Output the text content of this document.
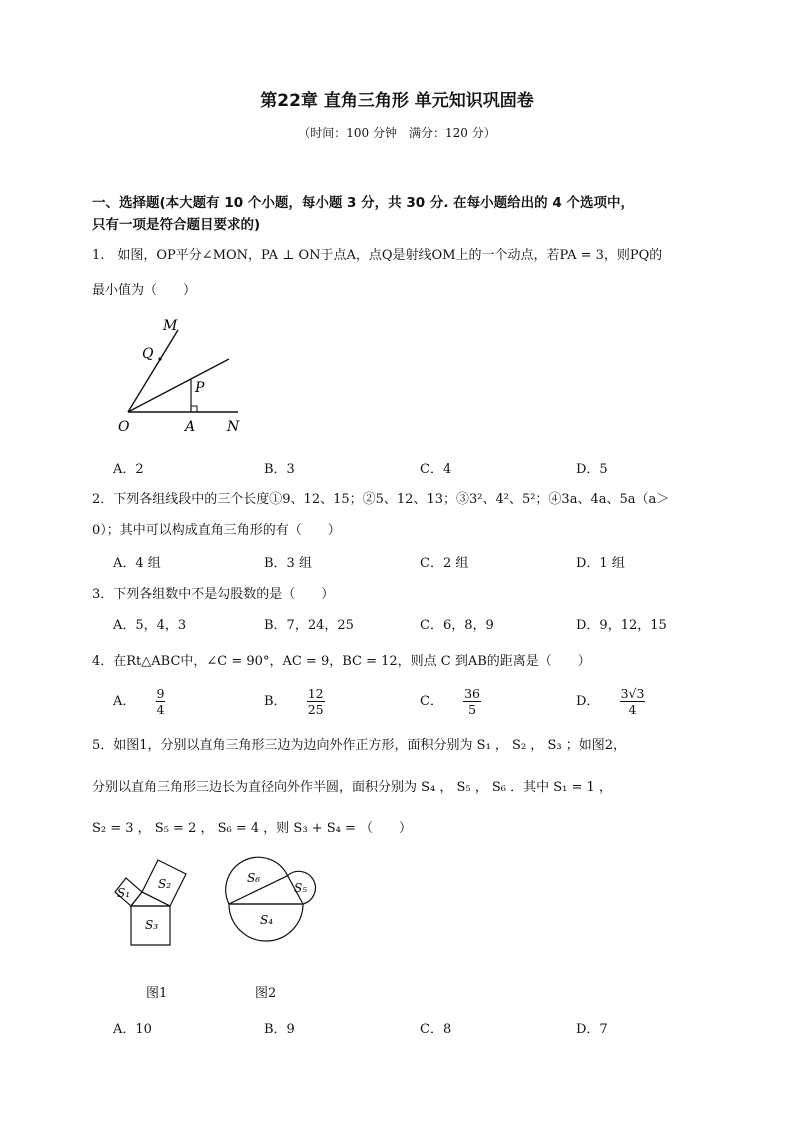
第22章 直角三角形 单元知识巩固卷
（时间：100 分钟　满分：120 分）
一、选择题(本大题有 10 个小题，每小题 3 分，共 30 分. 在每小题给出的 4 个选项中，
只有一项是符合题目要求的)
1.　如图，OP平分∠MON，PA ⊥ ON于点A，点Q是射线OM上的一个动点，若PA = 3，则PQ的
最小值为（　　）
M
Q
P
O	A N
A．2	B．3	C．4	D．5
2．下列各组线段中的三个长度①9、12、15；②5、12、13；③3²、4²、5²；④3a、4a、5a（a＞
0）；其中可以构成直角三角形的有（　　）
A．4 组	B．3 组	C．2 组	D．1 组
3．下列各组数中不是勾股数的是（　　）
A．5，4，3	B．7，24，25	C．6，8，9	D．9，12，15
4．在Rt△ABC中，∠C = 90°，AC = 9，BC = 12，则点 C 到AB的距离是（　　）
A． $\frac{9}{4}$	B． $\frac{12}{25}$	C． $\frac{36}{5}$	D． $\frac{3√3}{4}$
5．如图1，分别以直角三角形三边为边向外作正方形，面积分别为 S₁ ， S₂ ， S₃ ；如图2，
分别以直角三角形三边长为直径向外作半圆，面积分别为 S₄ ， S₅ ， S₆ ．其中 S₁ = 1 ，
S₂ = 3 ， S₅ = 2 ， S₆ = 4 ，则 S₃ + S₄ = （　　）
S₁
S₂
S₃
S₆
S₅
S₄
图1	图2
A．10	B．9	C．8	D．7
